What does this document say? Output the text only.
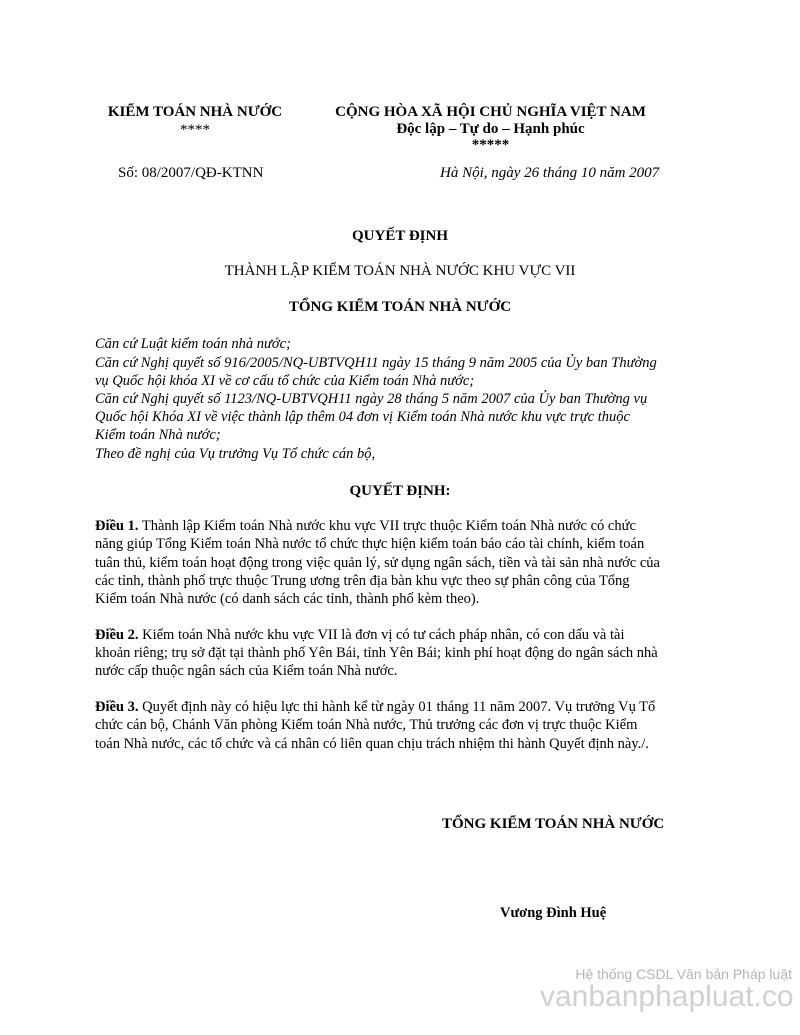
KIỂM TOÁN NHÀ NƯỚC
****
CỘNG HÒA XÃ HỘI CHỦ NGHĨA VIỆT NAM
Độc lập – Tự do – Hạnh phúc
*****
Số: 08/2007/QĐ-KTNN	Hà Nội, ngày 26 tháng 10 năm 2007
QUYẾT ĐỊNH
THÀNH LẬP KIỂM TOÁN NHÀ NƯỚC KHU VỰC VII
TỔNG KIỂM TOÁN NHÀ NƯỚC
Căn cứ Luật kiểm toán nhà nước;
Căn cứ Nghị quyết số 916/2005/NQ-UBTVQH11 ngày 15 tháng 9 năm 2005 của Ủy ban Thường
vụ Quốc hội khóa XI về cơ cấu tổ chức của Kiểm toán Nhà nước;
Căn cứ Nghị quyết số 1123/NQ-UBTVQH11 ngày 28 tháng 5 năm 2007 của Ủy ban Thường vụ
Quốc hội Khóa XI về việc thành lập thêm 04 đơn vị Kiểm toán Nhà nước khu vực trực thuộc
Kiểm toán Nhà nước;
Theo đề nghị của Vụ trưởng Vụ Tổ chức cán bộ,
QUYẾT ĐỊNH:
Điều 1. Thành lập Kiểm toán Nhà nước khu vực VII trực thuộc Kiểm toán Nhà nước có chức
năng giúp Tổng Kiểm toán Nhà nước tổ chức thực hiện kiểm toán báo cáo tài chính, kiểm toán
tuân thủ, kiểm toán hoạt động trong việc quản lý, sử dụng ngân sách, tiền và tài sản nhà nước của
các tỉnh, thành phố trực thuộc Trung ương trên địa bàn khu vực theo sự phân công của Tổng
Kiểm toán Nhà nước (có danh sách các tỉnh, thành phố kèm theo).
Điều 2. Kiểm toán Nhà nước khu vực VII là đơn vị có tư cách pháp nhân, có con dấu và tài
khoản riêng; trụ sở đặt tại thành phố Yên Bái, tỉnh Yên Bái; kinh phí hoạt động do ngân sách nhà
nước cấp thuộc ngân sách của Kiểm toán Nhà nước.
Điều 3. Quyết định này có hiệu lực thi hành kể từ ngày 01 tháng 11 năm 2007. Vụ trưởng Vụ Tổ
chức cán bộ, Chánh Văn phòng Kiểm toán Nhà nước, Thủ trưởng các đơn vị trực thuộc Kiểm
toán Nhà nước, các tổ chức và cá nhân có liên quan chịu trách nhiệm thi hành Quyết định này./.
TỔNG KIỂM TOÁN NHÀ NƯỚC
Vương Đình Huệ
Hệ thống CSDL Văn bản Pháp luật
vanbanphapluat.co
